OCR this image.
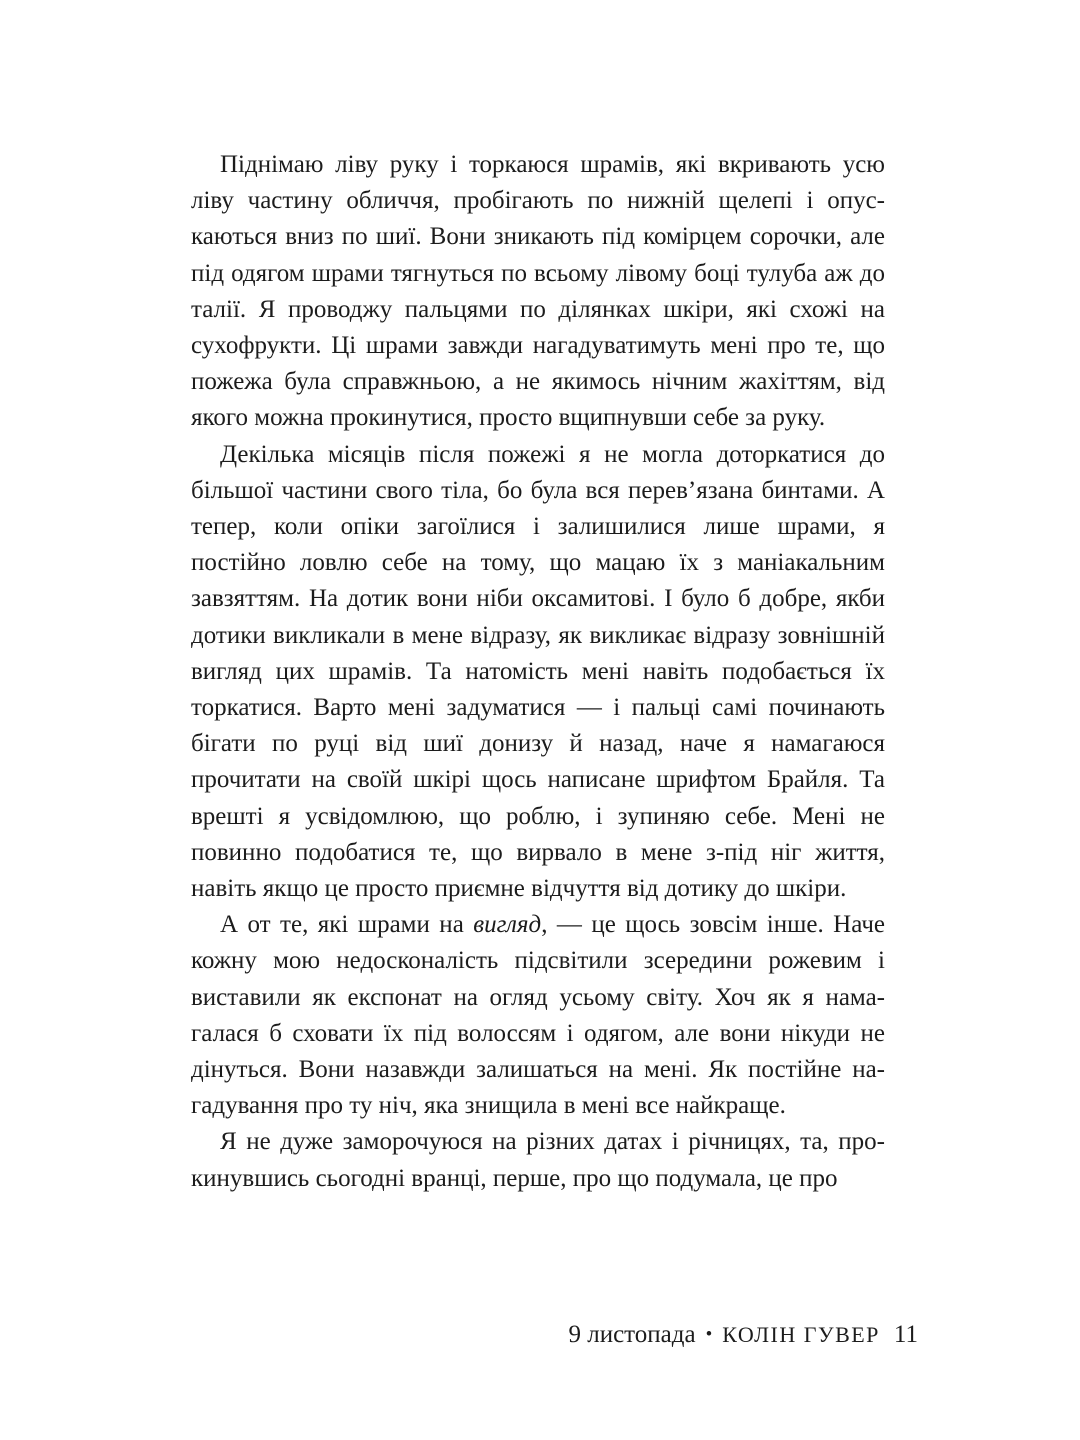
Піднімаю ліву руку і торкаюся шрамів, які вкривають усю ліву частину обличчя, пробігають по нижній щелепі і опускаються вниз по шиї. Вони зникають під комірцем сорочки, але під одягом шрами тягнуться по всьому лівому боці тулуба аж до талії. Я проводжу пальцями по ділянках шкіри, які схожі на сухофрукти. Ці шрами завжди нагадуватимуть мені про те, що пожежа була справжньою, а не якимось нічним жахіттям, від якого можна прокинутися, просто вщипнувши себе за руку.

Декілька місяців після пожежі я не могла доторкатися до більшої частини свого тіла, бо була вся перев’язана бинтами. А тепер, коли опіки загоїлися і залишилися лише шрами, я постійно ловлю себе на тому, що мацаю їх з маніакальним завзяттям. На дотик вони ніби оксамитові. І було б добре, якби дотики викликали в мене відразу, як викликає відразу зовнішній вигляд цих шрамів. Та натомість мені навіть подобається їх торкатися. Варто мені задуматися — і пальці самі починають бігати по руці від шиї донизу й назад, наче я намагаюся прочитати на своїй шкірі щось написане шрифтом Брайля. Та врешті я усвідомлюю, що роблю, і зупиняю себе. Мені не повинно подобатися те, що вирвало в мене з-під ніг життя, навіть якщо це просто приємне відчуття від дотику до шкіри.

А от те, які шрами на вигляд, — це щось зовсім інше. Наче кожну мою недосконалість підсвітили зсередини рожевим і виставили як експонат на огляд усьому світу. Хоч як я намагалася б сховати їх під волоссям і одягом, але вони нікуди не дінуться. Вони назавжди залишаться на мені. Як постійне нагадування про ту ніч, яка знищила в мені все найкраще.

Я не дуже заморочуюся на різних датах і річницях, та, прокинувшись сьогодні вранці, перше, про що подумала, це про

9 листопада • КОЛІН ГУВЕР 11
